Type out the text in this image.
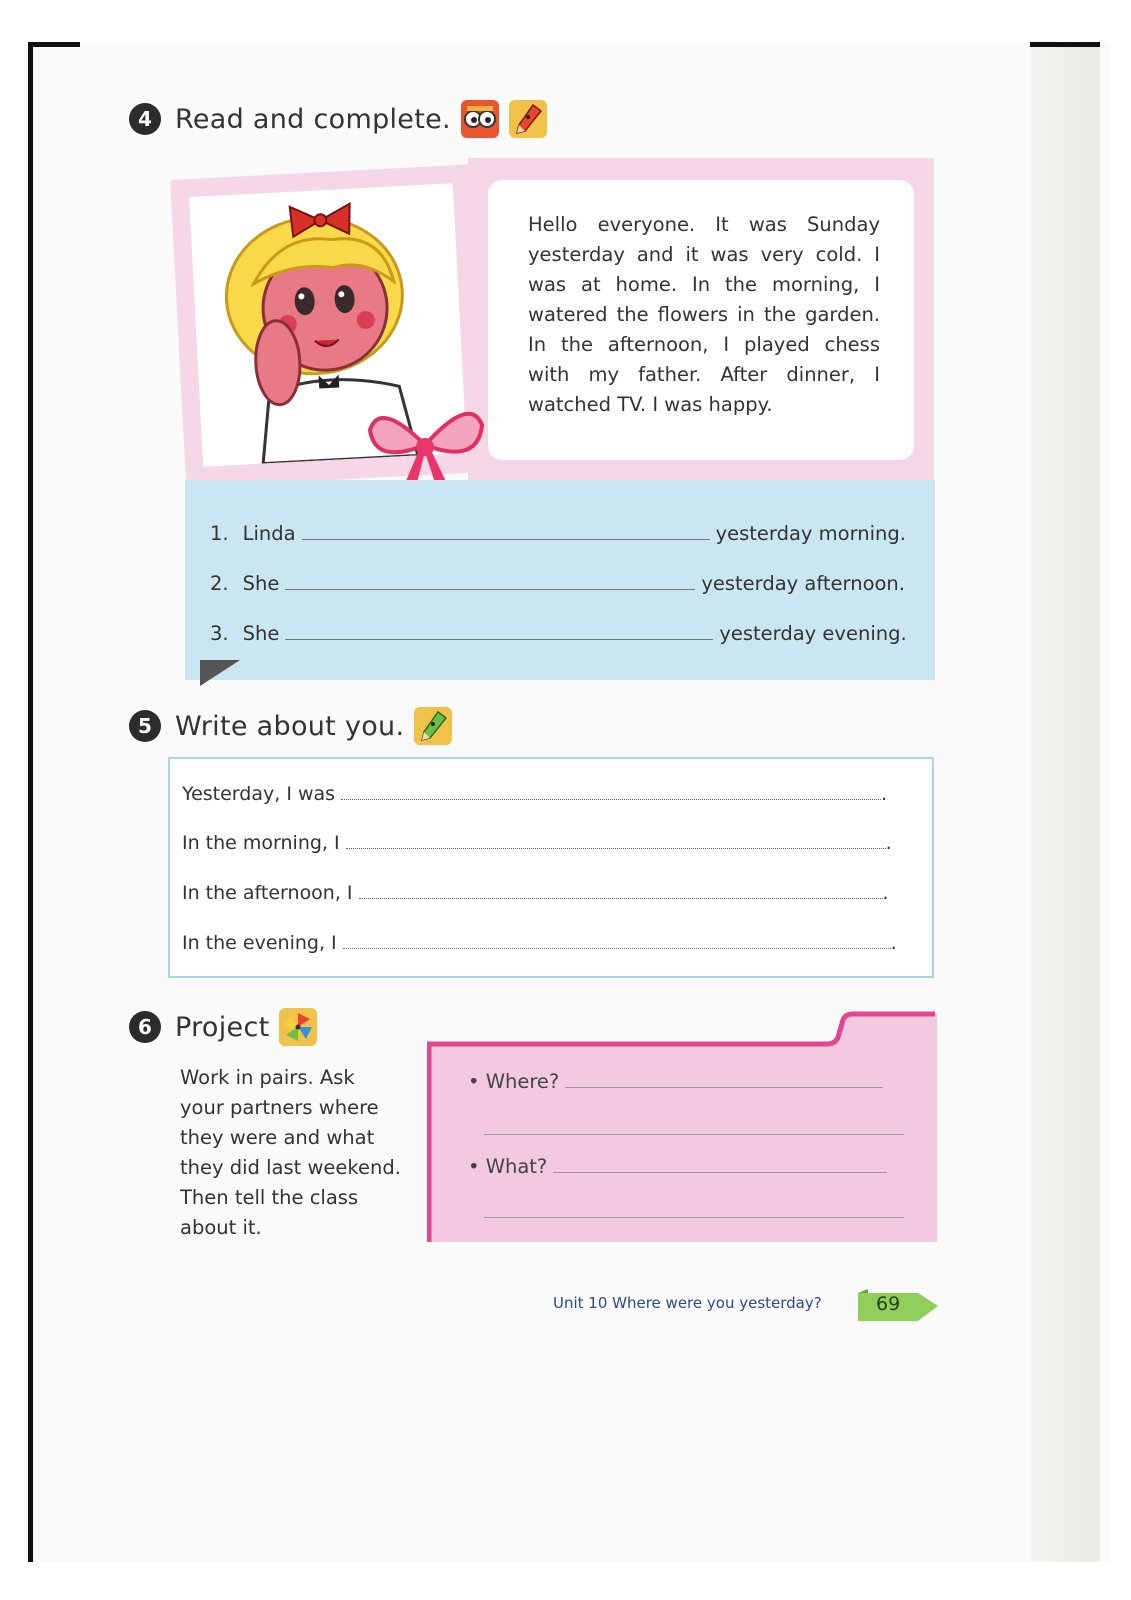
4 Read and complete.
Hello everyone. It was Sunday yesterday and it was very cold. I was at home. In the morning, I watered the flowers in the garden. In the afternoon, I played chess with my father. After dinner, I watched TV. I was happy.
1. Linda	yesterday morning.
2. She	yesterday afternoon.
3. She	yesterday evening.
5 Write about you.
Yesterday, I was	.
In the morning, I	.
In the afternoon, I	.
In the evening, I	.
6 Project
Work in pairs. Ask
your partners where
they were and what
they did last weekend.
Then tell the class
about it.
• Where?
• What?
Unit 10 Where were you yesterday?	69
